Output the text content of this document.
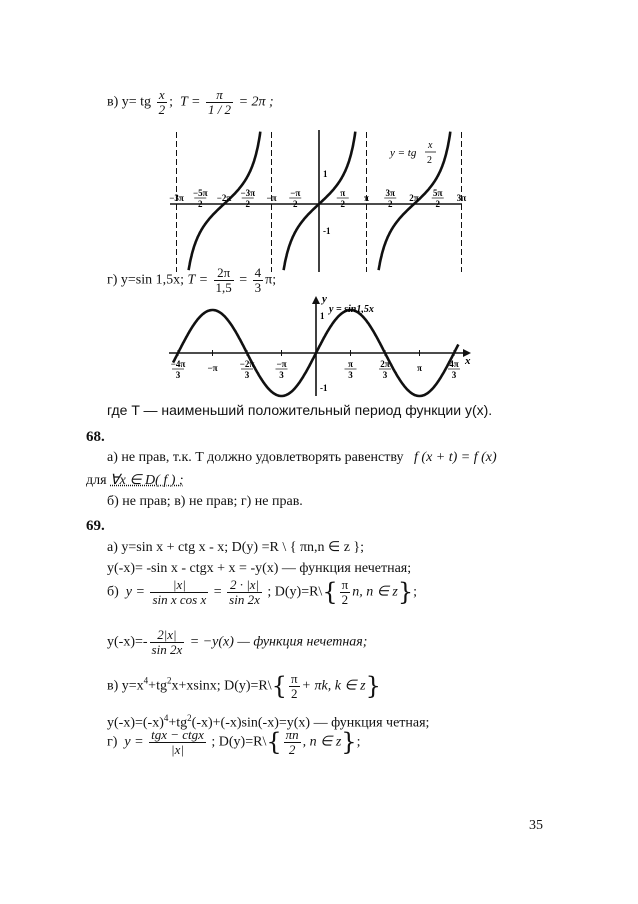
в) y= tg $\frac{x}{2}$ ; $T = \frac{\pi}{1 / 2} = 2\pi$ ;
−3π −5π
2
−2π −3π
2
−π −π
2
π
2
π 3π
2
2π 5π
2
3π
1
-1
y = tg
x
2
г) y=sin 1,5x; $T = \frac{2\pi}{1,5} = \frac{4}{3} \pi$;
y
x
y = sin1,5x
1
-1
−4π
3
−π −2π
3
−π
3
π
3
2π
3
π	4π
3
где T — наименьший положительный период функции y(x).
68.
а) не прав, т.к. T должно удовлетворять равенству f (x + t) = f (x)
для ∀x ∈ D( f ) ;
б) не прав; в) не прав; г) не прав.
69.
а) y=sin x + ctg x - x; D(y) =R \ { πn,n ∈ z };
y(-x)= -sin x - ctgx + x = -y(x) — функция нечетная;
б) $y = \frac{|x|}{\text{sin x cos x}} = \frac{2 \cdot |x|}{\sin 2x}$ ; D(y)=R\{ $\frac{\pi}{2} n$, n ∈ z};
$y(-x)=- \frac{2|x|}{\sin 2x} = -y(x)$ — функция нечетная;
в) $y=x^4+tg^2x+xsinx$; D(y)=R\{ $\frac{\pi}{2} + \pi k$, k ∈ z}
$y(-x)=(-x)^4+tg^2(-x)+(-x)\sin(-x)=y(x)$ — функция четная;
г) $y = \frac{\text{tgx − ctgx}}{|x|}$ ; D(y)=R\{ $\frac{\pi n}{2}$ , n ∈ z};
35
